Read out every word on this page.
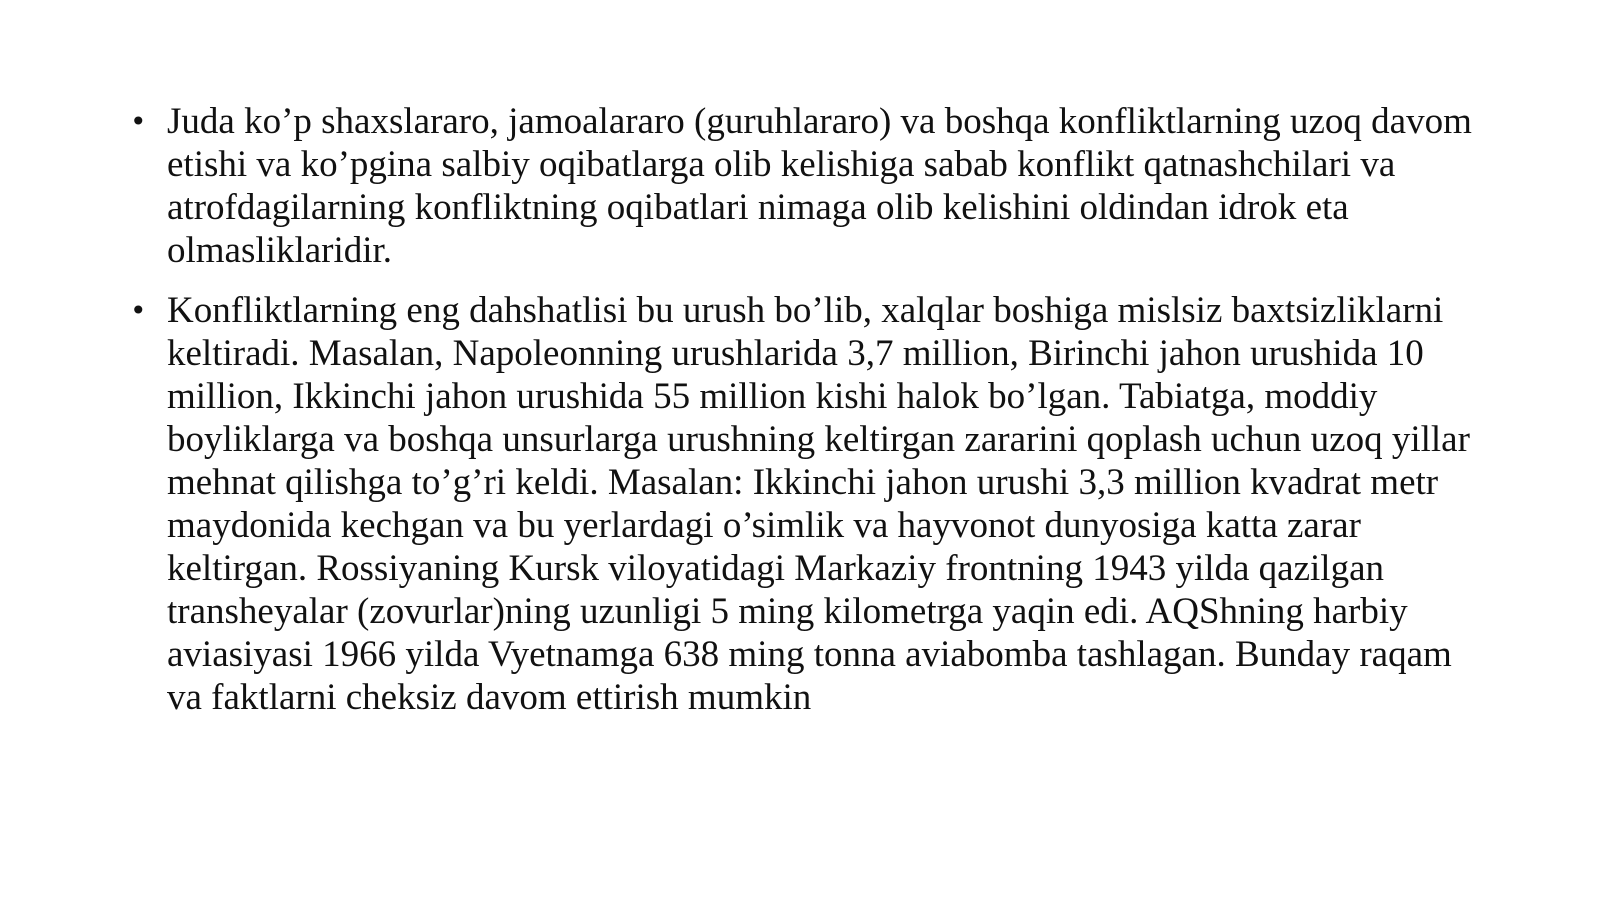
• Juda ko’p shaxslararo, jamoalararo (guruhlararo) va boshqa konfliktlarning uzoq davom etishi va ko’pgina salbiy oqibatlarga olib kelishiga sabab konflikt qatnashchilari va atrofdagilarning konfliktning oqibatlari nimaga olib kelishini oldindan idrok eta olmasliklaridir.
• Konfliktlarning eng dahshatlisi bu urush bo’lib, xalqlar boshiga mislsiz baxtsizliklarni keltiradi. Masalan, Napoleonning urushlarida 3,7 million, Birinchi jahon urushida 10 million, Ikkinchi jahon urushida 55 million kishi halok bo’lgan. Tabiatga, moddiy boyliklarga va boshqa unsurlarga urushning keltirgan zararini qoplash uchun uzoq yillar mehnat qilishga to’g’ri keldi. Masalan: Ikkinchi jahon urushi 3,3 million kvadrat metr maydonida kechgan va bu yerlardagi o’simlik va hayvonot dunyosiga katta zarar keltirgan. Rossiyaning Kursk viloyatidagi Markaziy frontning 1943 yilda qazilgan transheyalar (zovurlar)ning uzunligi 5 ming kilometrga yaqin edi. AQShning harbiy aviasiyasi 1966 yilda Vyetnamga 638 ming tonna aviabomba tashlagan. Bunday raqam va faktlarni cheksiz davom ettirish mumkin
